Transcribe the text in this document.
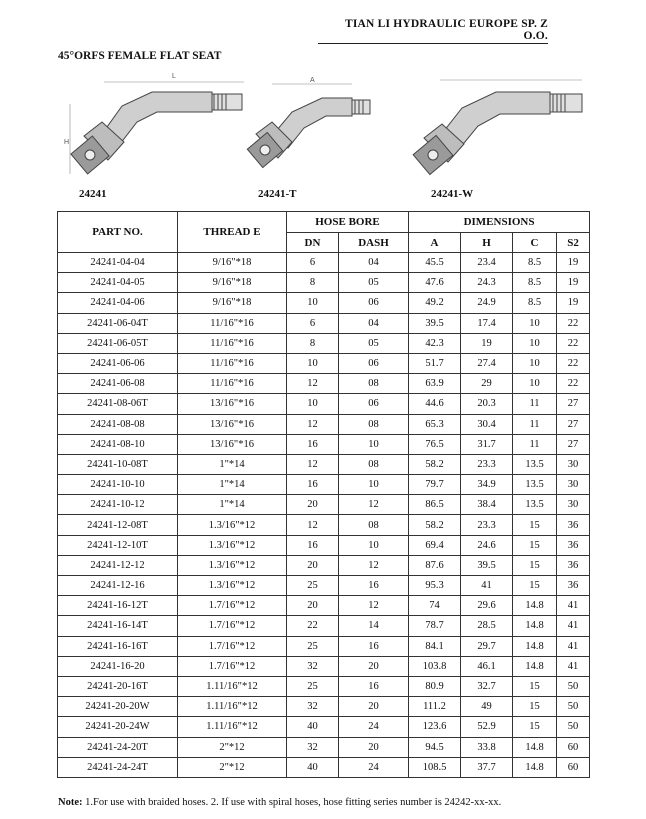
TIAN LI HYDRAULIC EUROPE SP. Z O.O.
45°ORFS FEMALE FLAT SEAT
L
H
24241
A
24241-T	24241-W
PART NO.	THREAD E	HOSE BORE		DIMENSIONS			
		DN	DASH	A	H	C	S2
24241-04-04	9/16"*18	6	04	45.5	23.4	8.5	19
24241-04-05	9/16"*18	8	05	47.6	24.3	8.5	19
24241-04-06	9/16"*18	10	06	49.2	24.9	8.5	19
24241-06-04T	11/16"*16	6	04	39.5	17.4	10	22
24241-06-05T	11/16"*16	8	05	42.3	19	10	22
24241-06-06	11/16"*16	10	06	51.7	27.4	10	22
24241-06-08	11/16"*16	12	08	63.9	29	10	22
24241-08-06T	13/16"*16	10	06	44.6	20.3	11	27
24241-08-08	13/16"*16	12	08	65.3	30.4	11	27
24241-08-10	13/16"*16	16	10	76.5	31.7	11	27
24241-10-08T	1"*14	12	08	58.2	23.3	13.5	30
24241-10-10	1"*14	16	10	79.7	34.9	13.5	30
24241-10-12	1"*14	20	12	86.5	38.4	13.5	30
24241-12-08T	1.3/16"*12	12	08	58.2	23.3	15	36
24241-12-10T	1.3/16"*12	16	10	69.4	24.6	15	36
24241-12-12	1.3/16"*12	20	12	87.6	39.5	15	36
24241-12-16	1.3/16"*12	25	16	95.3	41	15	36
24241-16-12T	1.7/16"*12	20	12	74	29.6	14.8	41
24241-16-14T	1.7/16"*12	22	14	78.7	28.5	14.8	41
24241-16-16T	1.7/16"*12	25	16	84.1	29.7	14.8	41
24241-16-20	1.7/16"*12	32	20	103.8	46.1	14.8	41
24241-20-16T	1.11/16"*12	25	16	80.9	32.7	15	50
24241-20-20W	1.11/16"*12	32	20	111.2	49	15	50
24241-20-24W	1.11/16"*12	40	24	123.6	52.9	15	50
24241-24-20T	2"*12	32	20	94.5	33.8	14.8	60
24241-24-24T	2"*12	40	24	108.5	37.7	14.8	60
Note: 1.For use with braided hoses. 2. If use with spiral hoses, hose fitting series number is 24242-xx-xx.
